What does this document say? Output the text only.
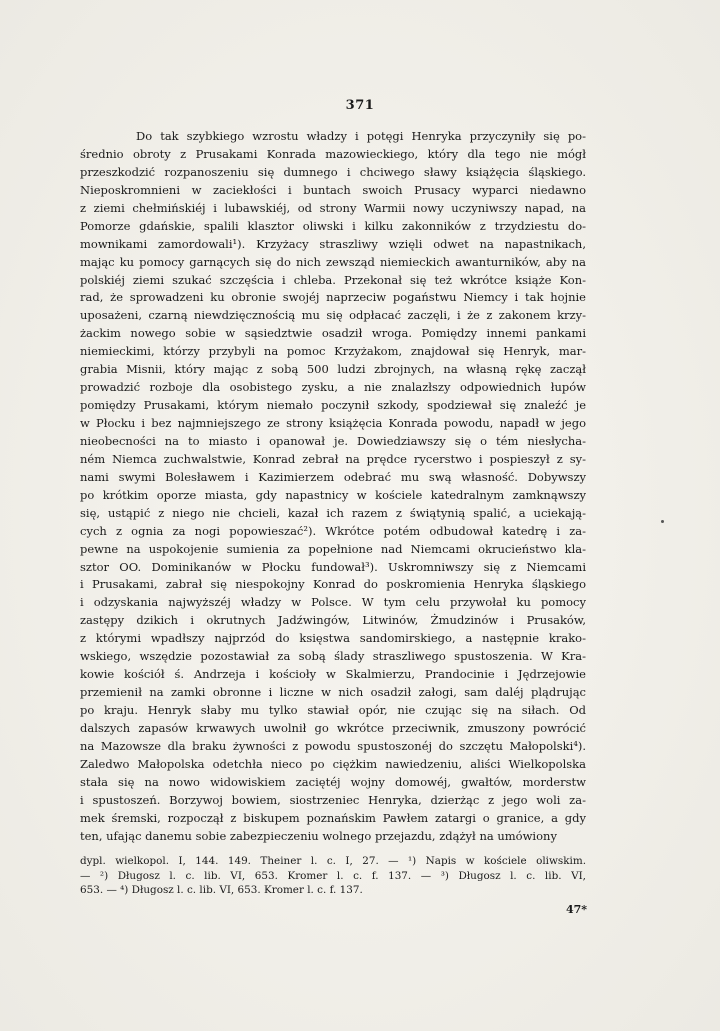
371
Do tak szybkiego wzrostu władzy i potęgi Henryka przyczyniły się po-
średnio obroty z Prusakami Konrada mazowieckiego, który dla tego nie mógł
przeszkodzić rozpanoszeniu się dumnego i chciwego sławy książęcia śląskiego.
Nieposkromnieni w zaciekłości i buntach swoich Prusacy wyparci niedawno
z ziemi chełmińskiéj i lubawskiéj, od strony Warmii nowy uczyniwszy napad, na
Pomorze gdańskie, spalili klasztor oliwski i kilku zakonników z trzydziestu do-
mownikami zamordowali¹). Krzyżacy straszliwy wzięli odwet na napastnikach,
mając ku pomocy garnących się do nich zewsząd niemieckich awanturników, aby na
polskiéj ziemi szukać szczęścia i chleba. Przekonał się też wkrótce książe Kon-
rad, że sprowadzeni ku obronie swojéj naprzeciw pogaństwu Niemcy i tak hojnie
uposażeni, czarną niewdzięcznością mu się odpłacać zaczęli, i że z zakonem krzy-
żackim nowego sobie w sąsiedztwie osadził wroga. Pomiędzy innemi pankami
niemieckimi, którzy przybyli na pomoc Krzyżakom, znajdował się Henryk, mar-
grabia Misnii, który mając z sobą 500 ludzi zbrojnych, na własną rękę zaczął
prowadzić rozboje dla osobistego zysku, a nie znalazłszy odpowiednich łupów
pomiędzy Prusakami, którym niemało poczynił szkody, spodziewał się znaleźć je
w Płocku i bez najmniejszego ze strony książęcia Konrada powodu, napadł w jego
nieobecności na to miasto i opanował je. Dowiedziawszy się o tém niesłycha-
ném Niemca zuchwalstwie, Konrad zebrał na prędce rycerstwo i pospieszył z sy-
nami swymi Bolesławem i Kazimierzem odebrać mu swą własność. Dobywszy
po krótkim oporze miasta, gdy napastnicy w kościele katedralnym zamknąwszy
się, ustąpić z niego nie chcieli, kazał ich razem z świątynią spalić, a uciekają-
cych z ognia za nogi popowieszać²). Wkrótce potém odbudował katedrę i za-
pewne na uspokojenie sumienia za popełnione nad Niemcami okrucieństwo kla-
sztor OO. Dominikanów w Płocku fundował³). Uskromniwszy się z Niemcami
i Prusakami, zabrał się niespokojny Konrad do poskromienia Henryka śląskiego
i odzyskania najwyższéj władzy w Polsce. W tym celu przywołał ku pomocy
zastępy dzikich i okrutnych Jadźwingów, Litwinów, Żmudzinów i Prusaków,
z którymi wpadłszy najprzód do księstwa sandomirskiego, a następnie krako-
wskiego, wszędzie pozostawiał za sobą ślady straszliwego spustoszenia. W Kra-
kowie kościół ś. Andrzeja i kościoły w Skalmierzu, Prandocinie i Jędrzejowie
przemienił na zamki obronne i liczne w nich osadził załogi, sam daléj plądrując
po kraju. Henryk słaby mu tylko stawiał opór, nie czując się na siłach. Od
dalszych zapasów krwawych uwolnił go wkrótce przeciwnik, zmuszony powrócić
na Mazowsze dla braku żywności z powodu spustoszonéj do szczętu Małopolski⁴).
Zaledwo Małopolska odetchła nieco po ciężkim nawiedzeniu, aliści Wielkopolska
stała się na nowo widowiskiem zaciętéj wojny domowéj, gwałtów, morderstw
i spustoszeń. Borzywoj bowiem, siostrzeniec Henryka, dzierżąc z jego woli za-
mek śremski, rozpoczął z biskupem poznańskim Pawłem zatargi o granice, a gdy
ten, ufając danemu sobie zabezpieczeniu wolnego przejazdu, zdążył na umówiony
dypl. wielkopol. I, 144. 149. Theiner l. c. I, 27. — ¹) Napis w kościele oliwskim.
— ²) Długosz l. c. lib. VI, 653. Kromer l. c. f. 137. — ³) Długosz l. c. lib. VI,
653. — ⁴) Długosz l. c. lib. VI, 653. Kromer l. c. f. 137.
47*
